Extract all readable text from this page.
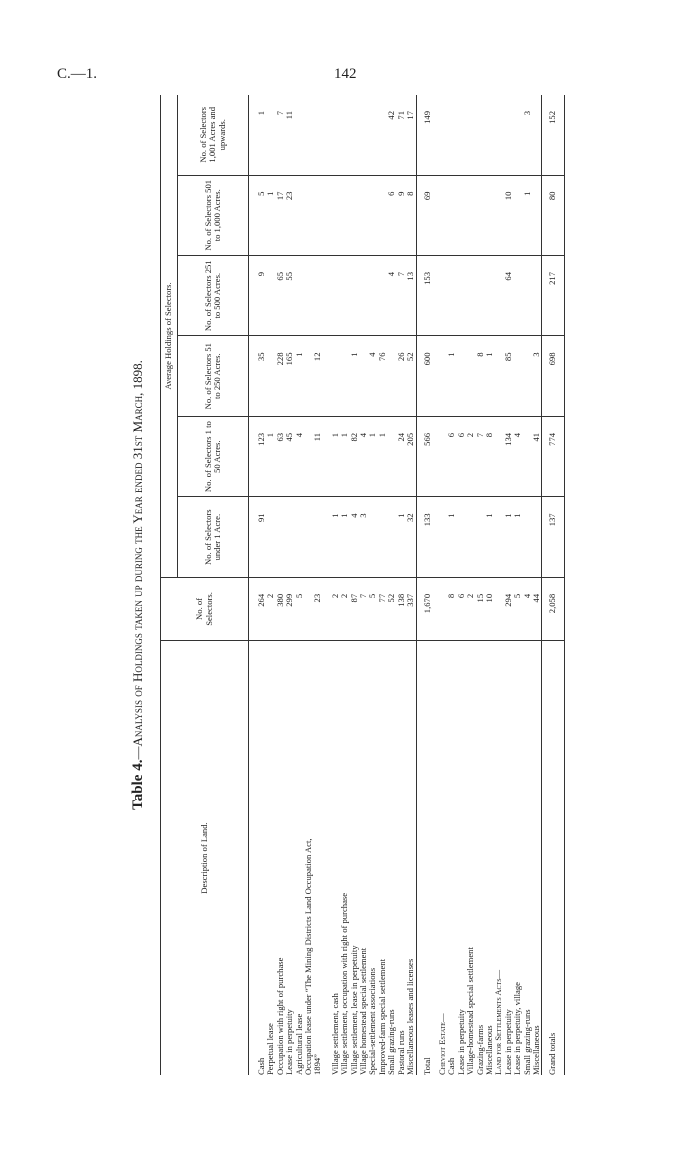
C.—1.	142
Table 4.—Analysis of Holdings taken up during the Year ended 31st March, 1898.
Description of Land.	No. of Selectors.	Average Holdings of Selectors.					
		No. of Selectors under 1 Acre.	No. of Selectors 1 to 50 Acres.	No. of Selectors 51 to 250 Acres.	No. of Selectors 251 to 500 Acres.	No. of Selectors 501 to 1,000 Acres.	No. of Selectors 1,001 Acres and upwards.

Cash	264	91	123	35	9	5	1
Perpetual lease	2		1			1	
Occupation with right of purchase	380		63	228	65	17	7
Lease in perpetuity	299		45	165	55	23	11
Agricultural lease	5		4	1			
Occupation lease under “The Mining Districts Land Occupation Act,							
1894”	23		11	12			

Village settlement, cash	2	1	1				
Village settlement, occupation with right of purchase	2	1	1				
Village settlement, lease in perpetuity	87	4	82	1			
Village homestead special settlement	7	3	4				
Special-settlement associations	5		1	4			
Improved-farm special settlement	77		1	76			
Small grazing-runs	52				4	6	42
Pastoral runs	138	1	24	26	7	9	71
Miscellaneous leases and licenses	337	32	205	52	13	8	17
Total	1,670	133	566	600	153	69	149
Cheviot Estate—							
Cash	8	1	6	1			
Lease in perpetuity	6		6				
Village-homestead special settlement	2		2				
Grazing-farms	15		7	8			
Miscellaneous	10	1	8	1			
Land for Settlements Acts—							
Lease in perpetuity	294	1	134	85	64	10	
Lease in perpetuity, village	5	1	4				
Small grazing-runs	4					1	3
Miscellaneous	44		41	3			
Grand totals	2,058	137	774	698	217	80	152
